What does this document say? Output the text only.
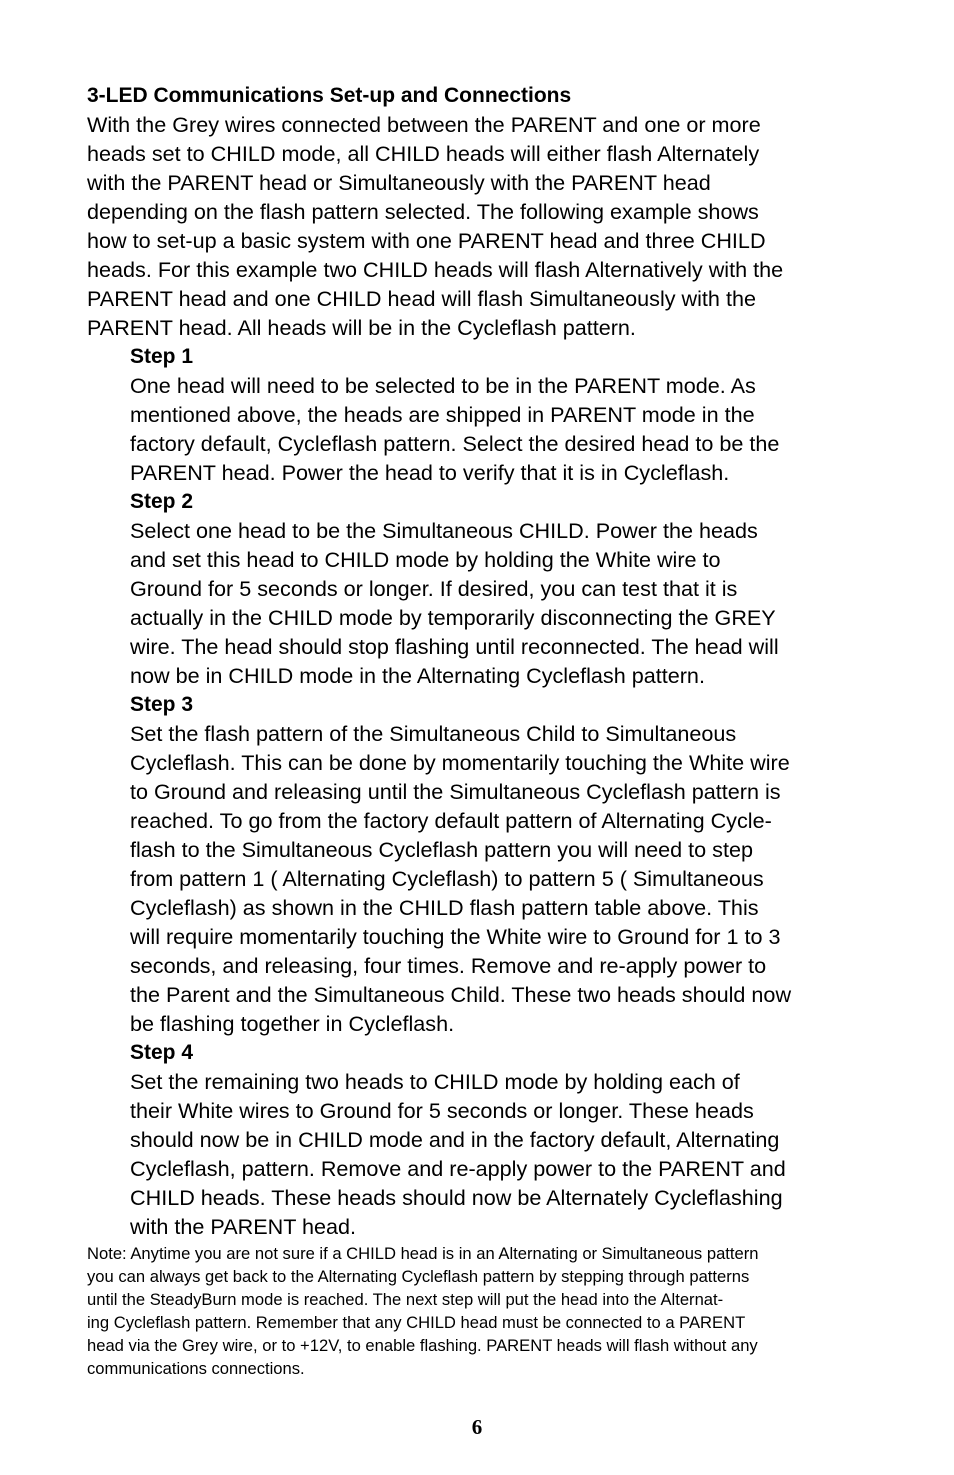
3-LED Communications Set-up and Connections

With the Grey wires connected between the PARENT and one or more
heads set to CHILD mode, all CHILD heads will either flash Alternately
with the PARENT head or Simultaneously with the PARENT head
depending on the flash pattern selected. The following example shows
how to set-up a basic system with one PARENT head and three CHILD
heads. For this example two CHILD heads will flash Alternatively with the
PARENT head and one CHILD head will flash Simultaneously with the
PARENT head. All heads will be in the Cycleflash pattern.

Step 1

One head will need to be selected to be in the PARENT mode. As
mentioned above, the heads are shipped in PARENT mode in the
factory default, Cycleflash pattern. Select the desired head to be the
PARENT head. Power the head to verify that it is in Cycleflash.

Step 2

Select one head to be the Simultaneous CHILD. Power the heads
and set this head to CHILD mode by holding the White wire to
Ground for 5 seconds or longer. If desired, you can test that it is
actually in the CHILD mode by temporarily disconnecting the GREY
wire. The head should stop flashing until reconnected. The head will
now be in CHILD mode in the Alternating Cycleflash pattern.

Step 3

Set the flash pattern of the Simultaneous Child to Simultaneous
Cycleflash. This can be done by momentarily touching the White wire
to Ground and releasing until the Simultaneous Cycleflash pattern is
reached. To go from the factory default pattern of Alternating Cycle-
flash to the Simultaneous Cycleflash pattern you will need to step
from pattern 1 ( Alternating Cycleflash) to pattern 5 ( Simultaneous
Cycleflash) as shown in the CHILD flash pattern table above. This
will require momentarily touching the White wire to Ground for 1 to 3
seconds, and releasing, four times. Remove and re-apply power to
the Parent and the Simultaneous Child. These two heads should now
be flashing together in Cycleflash.

Step 4

Set the remaining two heads to CHILD mode by holding each of
their White wires to Ground for 5 seconds or longer. These heads
should now be in CHILD mode and in the factory default, Alternating
Cycleflash, pattern. Remove and re-apply power to the PARENT and
CHILD heads. These heads should now be Alternately Cycleflashing
with the PARENT head.

Note: Anytime you are not sure if a CHILD head is in an Alternating or Simultaneous pattern
you can always get back to the Alternating Cycleflash pattern by stepping through patterns
until the SteadyBurn mode is reached. The next step will put the head into the Alternat-
ing Cycleflash pattern. Remember that any CHILD head must be connected to a PARENT
head via the Grey wire, or to +12V, to enable flashing. PARENT heads will flash without any
communications connections.
6
